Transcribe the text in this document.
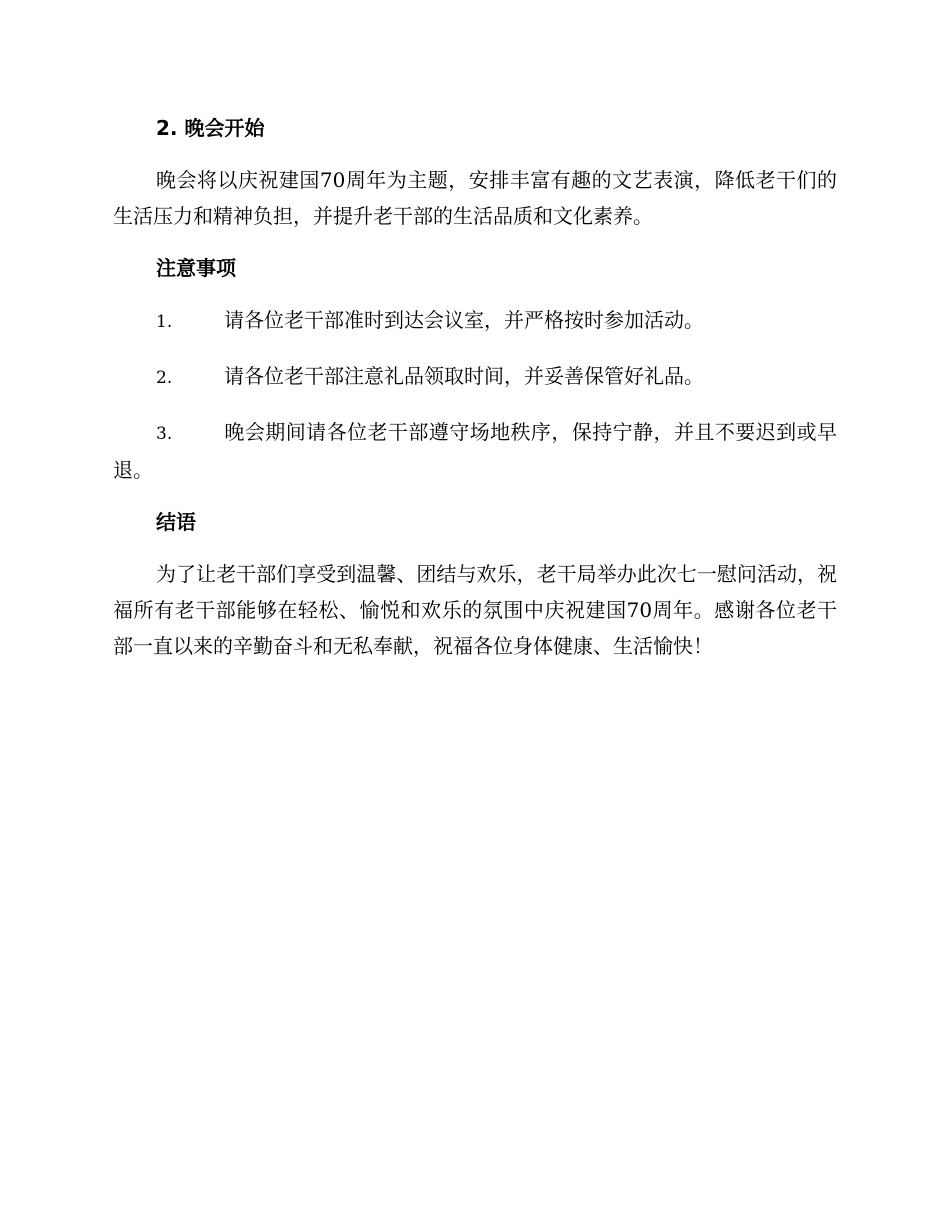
2. 晚会开始

晚会将以庆祝建国70周年为主题，安排丰富有趣的文艺表演，降低老干们的生活压力和精神负担，并提升老干部的生活品质和文化素养。

注意事项

1.	请各位老干部准时到达会议室，并严格按时参加活动。

2.	请各位老干部注意礼品领取时间，并妥善保管好礼品。

3.	晚会期间请各位老干部遵守场地秩序，保持宁静，并且不要迟到或早退。

结语

为了让老干部们享受到温馨、团结与欢乐，老干局举办此次七一慰问活动，祝福所有老干部能够在轻松、愉悦和欢乐的氛围中庆祝建国70周年。感谢各位老干部一直以来的辛勤奋斗和无私奉献，祝福各位身体健康、生活愉快！
